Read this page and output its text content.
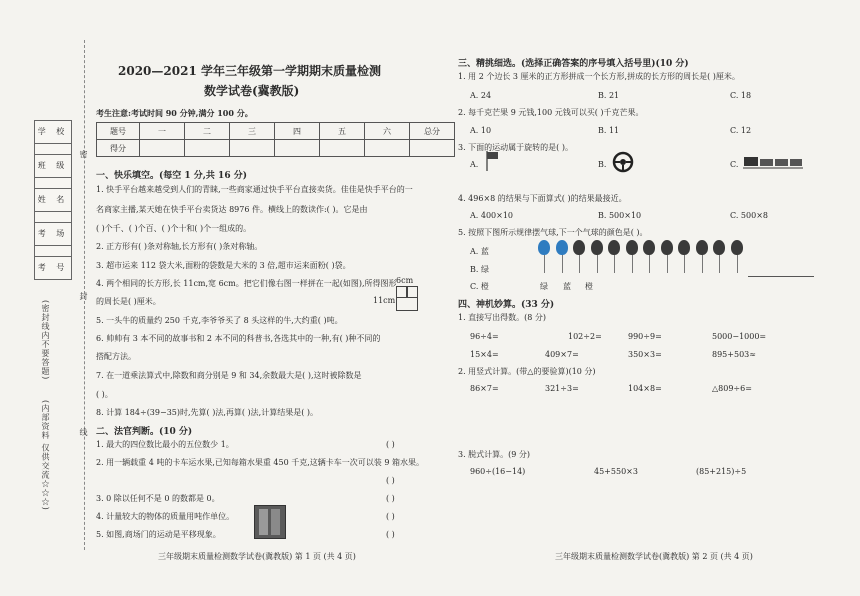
学 校
班 级
姓 名
考 场
考 号
密
封
线
(密封线内不要答题)
(内部资料 仅供交流☆☆☆)
2020—2021 学年三年级第一学期期末质量检测
数学试卷(冀教版)
考生注意:考试时间 90 分钟,满分 100 分。
题号	一	二	三	四	五	六	总分
得分							
一、快乐填空。(每空 1 分,共 16 分)
1. 快手平台越来越受到人们的青睐,一些商家通过快手平台直接卖货。佳佳是快手平台的一
名商家主播,某天她在快手平台卖货达 8976 件。横线上的数读作:( )。它是由
( )个千、( )个百、( )个十和( )个一组成的。
2. 正方形有( )条对称轴,长方形有( )条对称轴。
3. 超市运来 112 袋大米,面粉的袋数是大米的 3 倍,超市运来面粉( )袋。
4. 两个相同的长方形,长 11cm,宽 6cm。把它们像右图一样拼在一起(如图),所得图形
的周长是( )厘米。
6cm
11cm
5. 一头牛的质量约 250 千克,李爷爷买了 8 头这样的牛,大约重( )吨。
6. 帅帅有 3 本不同的故事书和 2 本不同的科普书,各选其中的一种,有( )种不同的
搭配方法。
7. 在一道乘法算式中,除数和商分别是 9 和 34,余数最大是( ),这时被除数是
( )。
8. 计算 184÷(39−35)时,先算( )法,再算( )法,计算结果是( )。
二、法官判断。(10 分)
1. 最大的四位数比最小的五位数少 1。	( )
2. 用一辆载重 4 吨的卡车运水果,已知每箱水果重 450 千克,这辆卡车一次可以装 9 箱水果。
( )
3. 0 除以任何不是 0 的数都是 0。	( )
4. 计量较大的物体的质量用吨作单位。	( )
5. 如图,商场门的运动是平移现象。	( )
三年级期末质量检测数学试卷(冀教版) 第 1 页 (共 4 页)
三、精挑细选。(选择正确答案的序号填入括号里)(10 分)
1. 用 2 个边长 3 厘米的正方形拼成一个长方形,拼成的长方形的周长是( )厘米。
A. 24	B. 21	C. 18
2. 每千克芒果 9 元钱,100 元钱可以买( )千克芒果。
A. 10	B. 11	C. 12
3. 下面的运动属于旋转的是( )。
A.	B.	C.
4. 496×8 的结果与下面算式( )的结果最接近。
A. 400×10	B. 500×10	C. 500×8
5. 按照下图所示规律摆气球,下一个气球的颜色是( )。
A. 蓝
B. 绿
C. 橙	绿 蓝 橙
四、神机妙算。(33 分)
1. 直接写出得数。(8 分)
96÷4=	102÷2=	990÷9=	5000−1000=
15×4=	409×7=	350×3=	895+503≈
2. 用竖式计算。(带△的要验算)(10 分)
86×7=	321÷3=	104×8=	△809÷6=
3. 脱式计算。(9 分)
960÷(16−14)	45+550×3	(85+215)÷5
三年级期末质量检测数学试卷(冀教版) 第 2 页 (共 4 页)
